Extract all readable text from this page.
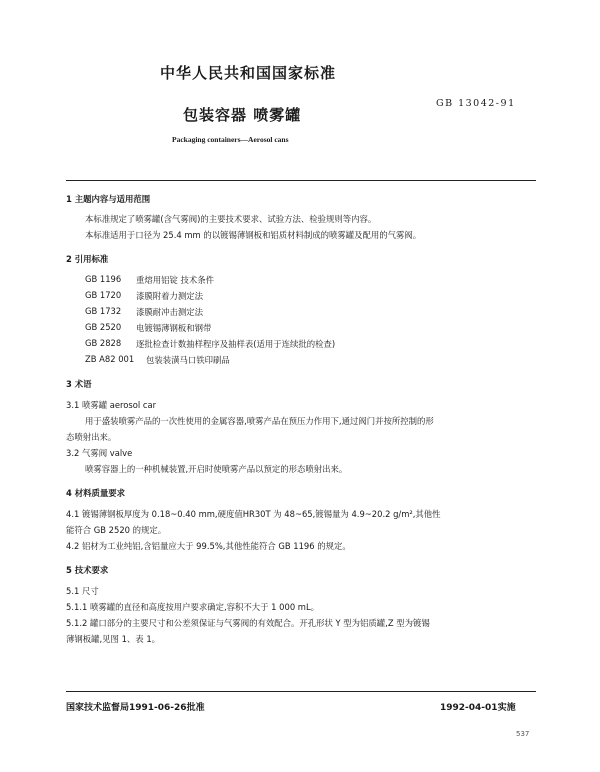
中华人民共和国国家标准
包装容器 喷雾罐
GB 13042-91
Packaging containers—Aerosol cans
1 主题内容与适用范围
本标准规定了喷雾罐(含气雾阀)的主要技术要求、试验方法、检验规则等内容。
本标准适用于口径为 25.4 mm 的以镀锡薄钢板和铝质材料制成的喷雾罐及配用的气雾阀。
2 引用标准
GB 1196 重熔用铝锭 技术条件
GB 1720 漆膜附着力测定法
GB 1732 漆膜耐冲击测定法
GB 2520 电镀锡薄钢板和钢带
GB 2828 逐批检查计数抽样程序及抽样表(适用于连续批的检查)
ZB A82 001 包装装潢马口铁印刷品
3 术语
3.1 喷雾罐 aerosol car
用于盛装喷雾产品的一次性使用的金属容器,喷雾产品在预压力作用下,通过阀门并按所控制的形
态喷射出来。
3.2 气雾阀 valve
喷雾容器上的一种机械装置,开启时使喷雾产品以预定的形态喷射出来。
4 材料质量要求
4.1 镀锡薄钢板厚度为 0.18~0.40 mm,硬度值HR30T 为 48~65,镀锡量为 4.9~20.2 g/m²,其他性
能符合 GB 2520 的规定。
4.2 铝材为工业纯铝,含铝量应大于 99.5%,其他性能符合 GB 1196 的规定。
5 技术要求
5.1 尺寸
5.1.1 喷雾罐的直径和高度按用户要求确定,容积不大于 1 000 mL。
5.1.2 罐口部分的主要尺寸和公差须保证与气雾阀的有效配合。开孔形状 Y 型为铝质罐,Z 型为镀锡
薄钢板罐,见图 1、表 1。
国家技术监督局1991-06-26批准	1992-04-01实施
537
